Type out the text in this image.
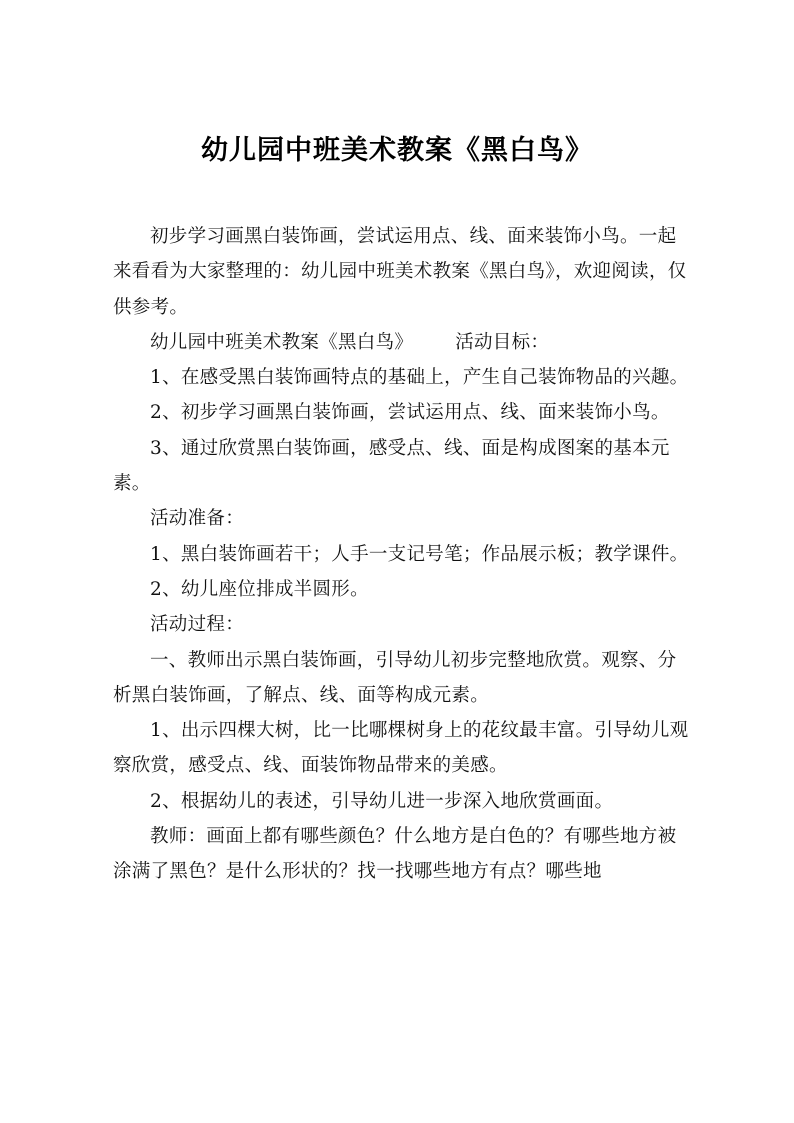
幼儿园中班美术教案《黑白鸟》

初步学习画黑白装饰画，尝试运用点、线、面来装饰小鸟。一起来看看为大家整理的：幼儿园中班美术教案《黑白鸟》，欢迎阅读，仅供参考。

幼儿园中班美术教案《黑白鸟》 活动目标：

1、在感受黑白装饰画特点的基础上，产生自己装饰物品的兴趣。

2、初步学习画黑白装饰画，尝试运用点、线、面来装饰小鸟。

3、通过欣赏黑白装饰画，感受点、线、面是构成图案的基本元素。

活动准备：

1、黑白装饰画若干；人手一支记号笔；作品展示板；教学课件。

2、幼儿座位排成半圆形。

活动过程：

一、教师出示黑白装饰画，引导幼儿初步完整地欣赏。观察、分析黑白装饰画，了解点、线、面等构成元素。

1、出示四棵大树，比一比哪棵树身上的花纹最丰富。引导幼儿观察欣赏，感受点、线、面装饰物品带来的美感。

2、根据幼儿的表述，引导幼儿进一步深入地欣赏画面。

教师：画面上都有哪些颜色？什么地方是白色的？有哪些地方被涂满了黑色？是什么形状的？找一找哪些地方有点？哪些地
